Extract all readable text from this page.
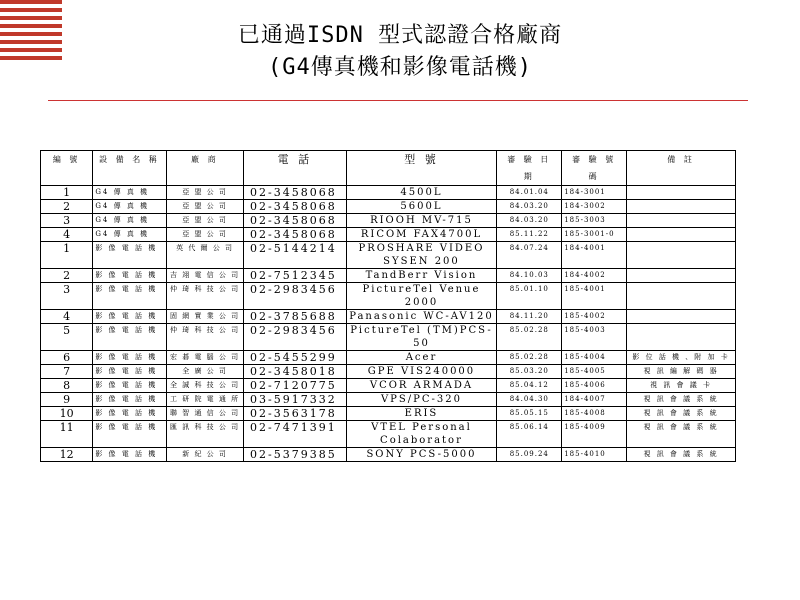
已通過ISDN 型式認證合格廠商
(G4傳真機和影像電話機)
編 號	設 備 名 稱	廠 商	電 話	型 號	審 驗 日 期	審 驗 號 碼	備 註
1	G4 傳 真 機	亞 盟 公 司	02-3458068	4500L	84.01.04	184-3001	
2	G4 傳 真 機	亞 盟 公 司	02-3458068	5600L	84.03.20	184-3002	
3	G4 傳 真 機	亞 盟 公 司	02-3458068	RIOOH MV-715	84.03.20	185-3003	
4	G4 傳 真 機	亞 盟 公 司	02-3458068	RICOM FAX4700L	85.11.22	185-3001-0	
1	影 像 電 話 機	英 代 爾 公 司	02-5144214	PROSHARE VIDEO SYSEN 200	84.07.24	184-4001	
2	影 像 電 話 機	吉 翊 電 信 公 司	02-7512345	TandBerr Vision	84.10.03	184-4002	
3	影 像 電 話 機	仲 琦 科 技 公 司	02-2983456	PictureTel Venue 2000	85.01.10	185-4001	
4	影 像 電 話 機	固 網 實 業 公 司	02-3785688	Panasonic WC-AV120	84.11.20	185-4002	
5	影 像 電 話 機	仲 琦 科 技 公 司	02-2983456	PictureTel (TM)PCS-50	85.02.28	185-4003	
6	影 像 電 話 機	宏 碁 電 腦 公 司	02-5455299	Acer	85.02.28	185-4004	影 位 話 機 、附 加 卡
7	影 像 電 話 機	全 廣 公 司	02-3458018	GPE VIS240000	85.03.20	185-4005	視 訊 編 解 碼 器
8	影 像 電 話 機	全 誠 科 技 公 司	02-7120775	VCOR ARMADA	85.04.12	185-4006	視 訊 會 議 卡
9	影 像 電 話 機	工 研 院 電 通 所	03-5917332	VPS/PC-320	84.04.30	184-4007	視 訊 會 議 系 統
10	影 像 電 話 機	聯 智 通 信 公 司	02-3563178	ERIS	85.05.15	185-4008	視 訊 會 議 系 統
11	影 像 電 話 機	匯 訊 科 技 公 司	02-7471391	VTEL Personal Colaborator	85.06.14	185-4009	視 訊 會 議 系 統
12	影 像 電 話 機	新 紀 公 司	02-5379385	SONY PCS-5000	85.09.24	185-4010	視 訊 會 議 系 統
